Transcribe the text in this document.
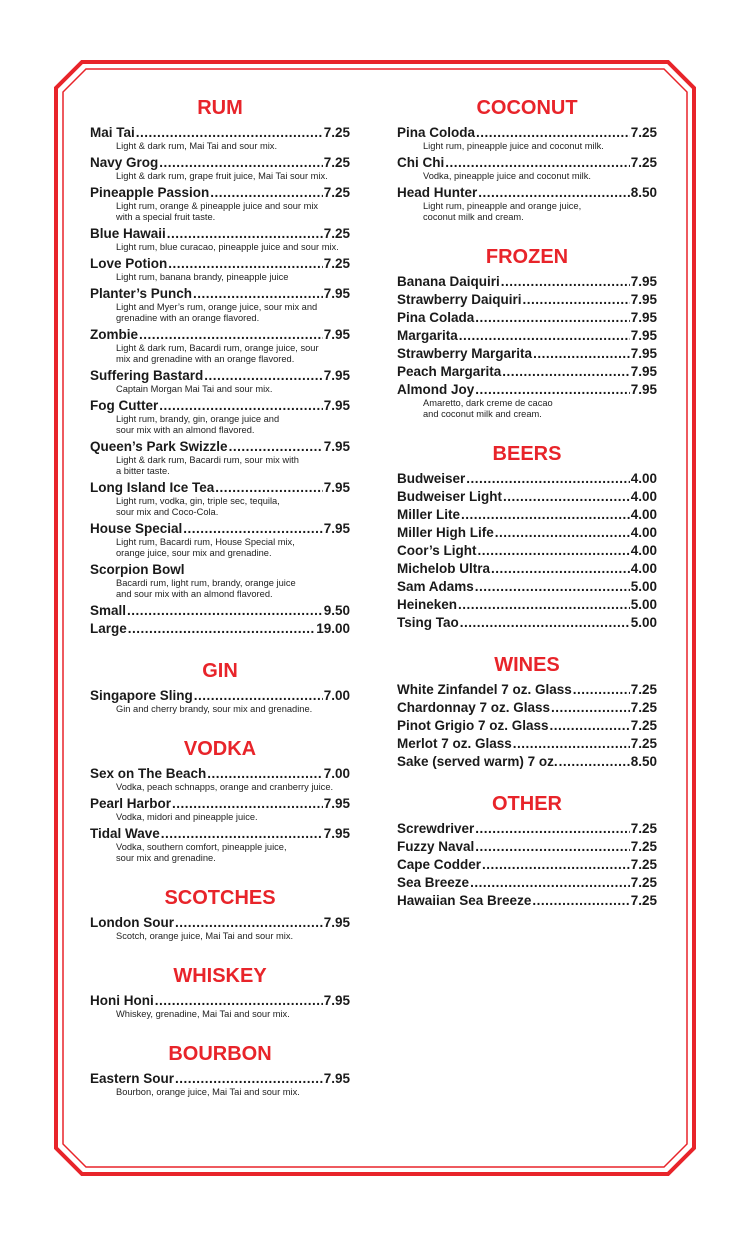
RUM
Mai Tai .....	7.25
Light & dark rum, Mai Tai and sour mix.
Navy Grog .....	7.25
Light & dark rum, grape fruit juice, Mai Tai sour mix.
Pineapple Passion .....	7.25
Light rum, orange & pineapple juice and sour mix
with a special fruit taste.
Blue Hawaii .....	7.25
Light rum, blue curacao, pineapple juice and sour mix.
Love Potion .....	7.25
Light rum, banana brandy, pineapple juice
Planter’s Punch .....	7.95
Light and Myer’s rum, orange juice, sour mix and
grenadine with an orange flavored.
Zombie .....	7.95
Light & dark rum, Bacardi rum, orange juice, sour
mix and grenadine with an orange flavored.
Suffering Bastard .....	7.95
Captain Morgan Mai Tai and sour mix.
Fog Cutter .....	7.95
Light rum, brandy, gin, orange juice and
sour mix with an almond flavored.
Queen’s Park Swizzle .....	7.95
Light & dark rum, Bacardi rum, sour mix with
a bitter taste.
Long Island Ice Tea .....	7.95
Light rum, vodka, gin, triple sec, tequila,
sour mix and Coco-Cola.
House Special .....	7.95
Light rum, Bacardi rum, House Special mix,
orange juice, sour mix and grenadine.
Scorpion Bowl
Bacardi rum, light rum, brandy, orange juice
and sour mix with an almond flavored.
Small .....	9.50
Large .....	19.00
GIN
Singapore Sling .....	7.00
Gin and cherry brandy, sour mix and grenadine.
VODKA
Sex on The Beach .....	7.00
Vodka, peach schnapps, orange and cranberry juice.
Pearl Harbor .....	7.95
Vodka, midori and pineapple juice.
Tidal Wave .....	7.95
Vodka, southern comfort, pineapple juice,
sour mix and grenadine.
SCOTCHES
London Sour .....	7.95
Scotch, orange juice, Mai Tai and sour mix.
WHISKEY
Honi Honi .....	7.95
Whiskey, grenadine, Mai Tai and sour mix.
BOURBON
Eastern Sour .....	7.95
Bourbon, orange juice, Mai Tai and sour mix.
COCONUT
Pina Coloda .....	7.25
Light rum, pineapple juice and coconut milk.
Chi Chi .....	7.25
Vodka, pineapple juice and coconut milk.
Head Hunter .....	8.50
Light rum, pineapple and orange juice,
coconut milk and cream.
FROZEN
Banana Daiquiri .....	7.95
Strawberry Daiquiri .....	7.95
Pina Colada .....	7.95
Margarita .....	7.95
Strawberry Margarita .....	7.95
Peach Margarita .....	7.95
Almond Joy .....	7.95
Amaretto, dark creme de cacao
and coconut milk and cream.
BEERS
Budweiser .....	4.00
Budweiser Light .....	4.00
Miller Lite .....	4.00
Miller High Life .....	4.00
Coor’s Light .....	4.00
Michelob Ultra .....	4.00
Sam Adams .....	5.00
Heineken .....	5.00
Tsing Tao .....	5.00
WINES
White Zinfandel 7 oz. Glass .....	7.25
Chardonnay 7 oz. Glass .....	7.25
Pinot Grigio 7 oz. Glass .....	7.25
Merlot 7 oz. Glass .....	7.25
Sake (served warm) 7 oz. .....	8.50
OTHER
Screwdriver .....	7.25
Fuzzy Naval .....	7.25
Cape Codder .....	7.25
Sea Breeze .....	7.25
Hawaiian Sea Breeze .....	7.25
